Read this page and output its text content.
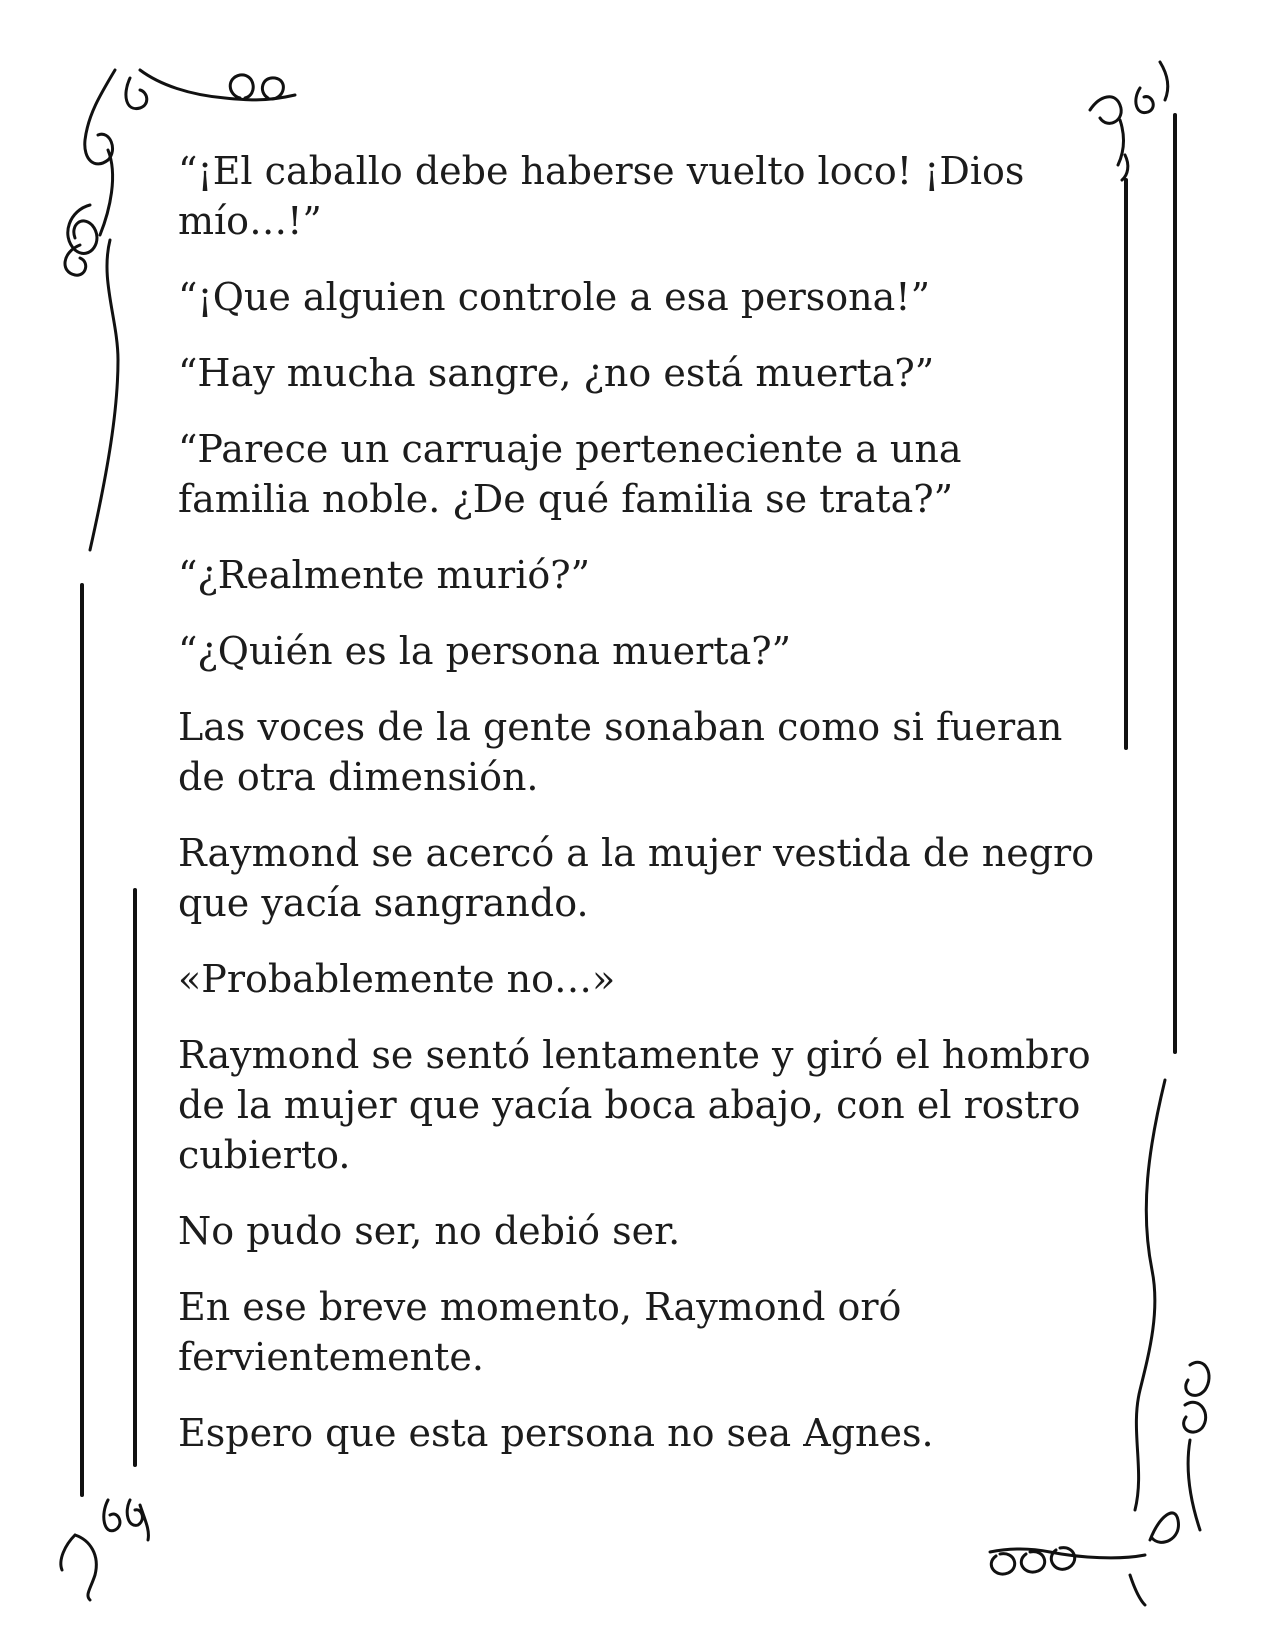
“¡El caballo debe haberse vuelto loco! ¡Dios mío…!”

“¡Que alguien controle a esa persona!”

“Hay mucha sangre, ¿no está muerta?”

“Parece un carruaje perteneciente a una familia noble. ¿De qué familia se trata?”

“¿Realmente murió?”

“¿Quién es la persona muerta?”

Las voces de la gente sonaban como si fueran de otra dimensión.

Raymond se acercó a la mujer vestida de negro que yacía sangrando.

«Probablemente no…»

Raymond se sentó lentamente y giró el hombro de la mujer que yacía boca abajo, con el rostro cubierto.

No pudo ser, no debió ser.

En ese breve momento, Raymond oró fervientemente.

Espero que esta persona no sea Agnes.
